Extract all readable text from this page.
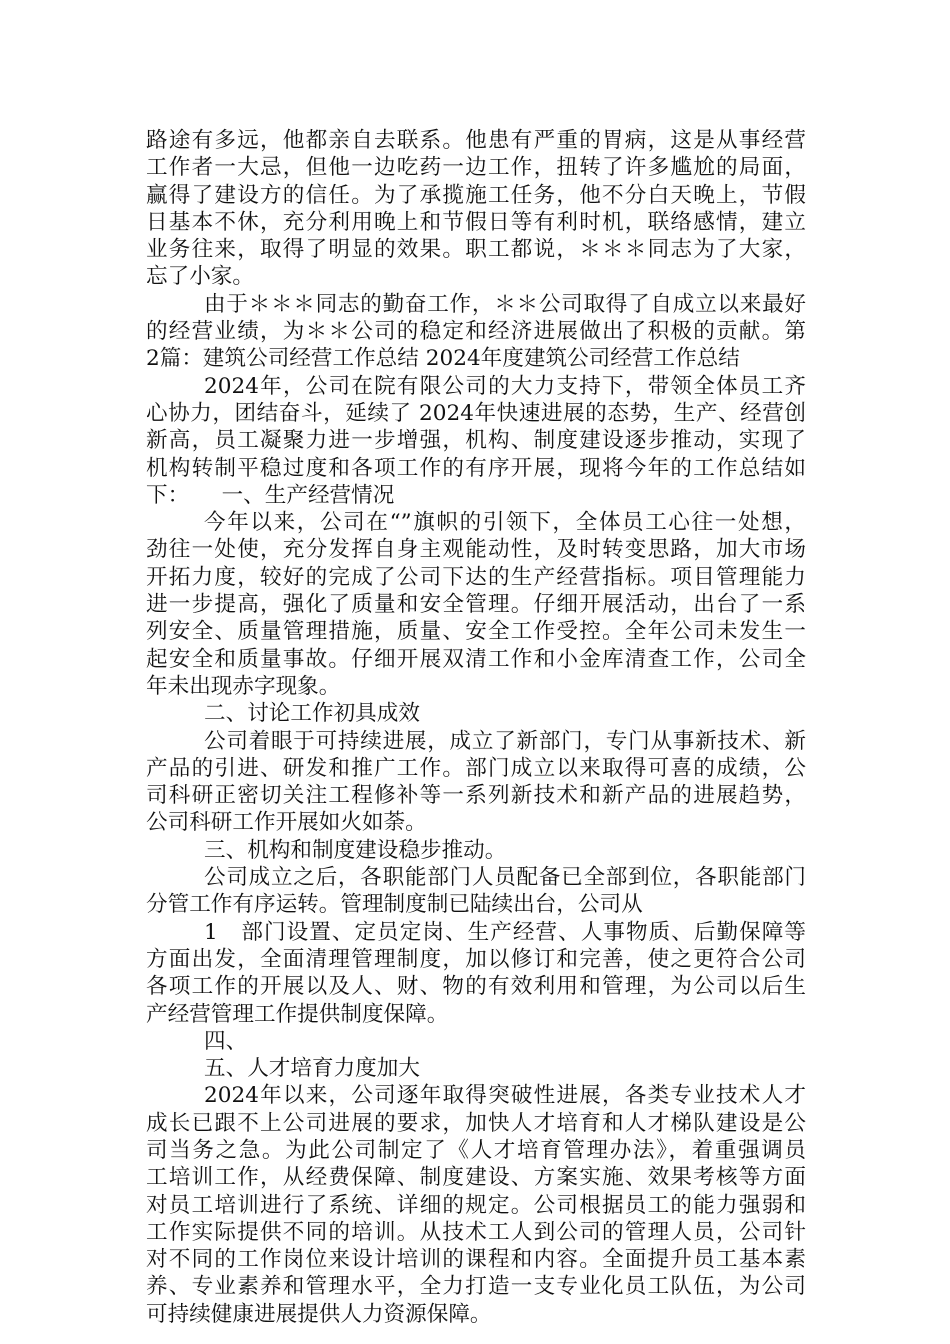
路途有多远，他都亲自去联系。他患有严重的胃病，这是从事经营
工作者一大忌，但他一边吃药一边工作，扭转了许多尴尬的局面，
赢得了建设方的信任。为了承揽施工任务，他不分白天晚上，节假
日基本不休，充分利用晚上和节假日等有利时机，联络感情，建立
业务往来，取得了明显的效果。职工都说，＊＊＊同志为了大家，
忘了小家。
由于＊＊＊同志的勤奋工作，＊＊公司取得了自成立以来最好
的经营业绩，为＊＊公司的稳定和经济进展做出了积极的贡献。第
2篇：建筑公司经营工作总结 2024年度建筑公司经营工作总结
2024年，公司在院有限公司的大力支持下，带领全体员工齐
心协力，团结奋斗，延续了 2024年快速进展的态势，生产、经营创
新高，员工凝聚力进一步增强，机构、制度建设逐步推动，实现了
机构转制平稳过度和各项工作的有序开展，现将今年的工作总结如
下：　　一、生产经营情况
今年以来，公司在“”旗帜的引领下，全体员工心往一处想，
劲往一处使，充分发挥自身主观能动性，及时转变思路，加大市场
开拓力度，较好的完成了公司下达的生产经营指标。项目管理能力
进一步提高，强化了质量和安全管理。仔细开展活动，出台了一系
列安全、质量管理措施，质量、安全工作受控。全年公司未发生一
起安全和质量事故。仔细开展双清工作和小金库清查工作，公司全
年未出现赤字现象。
二、讨论工作初具成效
公司着眼于可持续进展，成立了新部门，专门从事新技术、新
产品的引进、研发和推广工作。部门成立以来取得可喜的成绩，公
司科研正密切关注工程修补等一系列新技术和新产品的进展趋势，
公司科研工作开展如火如荼。
三、机构和制度建设稳步推动。
公司成立之后，各职能部门人员配备已全部到位，各职能部门
分管工作有序运转。管理制度制已陆续出台，公司从
1　部门设置、定员定岗、生产经营、人事物质、后勤保障等
方面出发，全面清理管理制度，加以修订和完善，使之更符合公司
各项工作的开展以及人、财、物的有效利用和管理，为公司以后生
产经营管理工作提供制度保障。
四、
五、人才培育力度加大
2024年以来，公司逐年取得突破性进展，各类专业技术人才
成长已跟不上公司进展的要求，加快人才培育和人才梯队建设是公
司当务之急。为此公司制定了《人才培育管理办法》，着重强调员
工培训工作，从经费保障、制度建设、方案实施、效果考核等方面
对员工培训进行了系统、详细的规定。公司根据员工的能力强弱和
工作实际提供不同的培训。从技术工人到公司的管理人员，公司针
对不同的工作岗位来设计培训的课程和内容。全面提升员工基本素
养、专业素养和管理水平，全力打造一支专业化员工队伍，为公司
可持续健康进展提供人力资源保障。
